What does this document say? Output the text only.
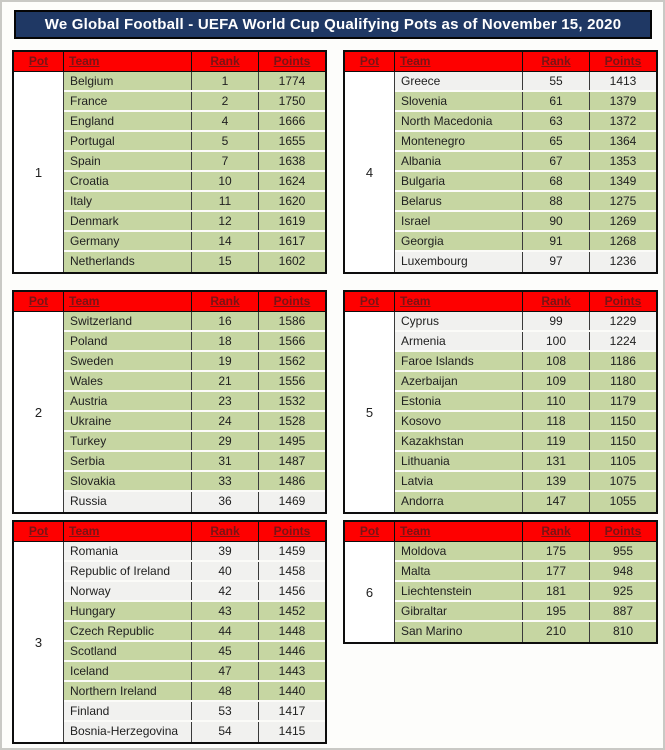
We Global Football - UEFA World Cup Qualifying Pots as of November 15, 2020
Pot	Team	Rank	Points
1
Belgium	1	1774
France	2	1750
England	4	1666
Portugal	5	1655
Spain	7	1638
Croatia	10	1624
Italy	11	1620
Denmark	12	1619
Germany	14	1617
Netherlands	15	1602
Pot	Team	Rank	Points
4
Greece	55	1413
Slovenia	61	1379
North Macedonia	63	1372
Montenegro	65	1364
Albania	67	1353
Bulgaria	68	1349
Belarus	88	1275
Israel	90	1269
Georgia	91	1268
Luxembourg	97	1236
Pot	Team	Rank	Points
2
Switzerland	16	1586
Poland	18	1566
Sweden	19	1562
Wales	21	1556
Austria	23	1532
Ukraine	24	1528
Turkey	29	1495
Serbia	31	1487
Slovakia	33	1486
Russia	36	1469
Pot	Team	Rank	Points
5
Cyprus	99	1229
Armenia	100	1224
Faroe Islands	108	1186
Azerbaijan	109	1180
Estonia	110	1179
Kosovo	118	1150
Kazakhstan	119	1150
Lithuania	131	1105
Latvia	139	1075
Andorra	147	1055
Pot	Team	Rank	Points
3
Romania	39	1459
Republic of Ireland	40	1458
Norway	42	1456
Hungary	43	1452
Czech Republic	44	1448
Scotland	45	1446
Iceland	47	1443
Northern Ireland	48	1440
Finland	53	1417
Bosnia-Herzegovina	54	1415
Pot	Team	Rank	Points
6
Moldova	175	955
Malta	177	948
Liechtenstein	181	925
Gibraltar	195	887
San Marino	210	810
